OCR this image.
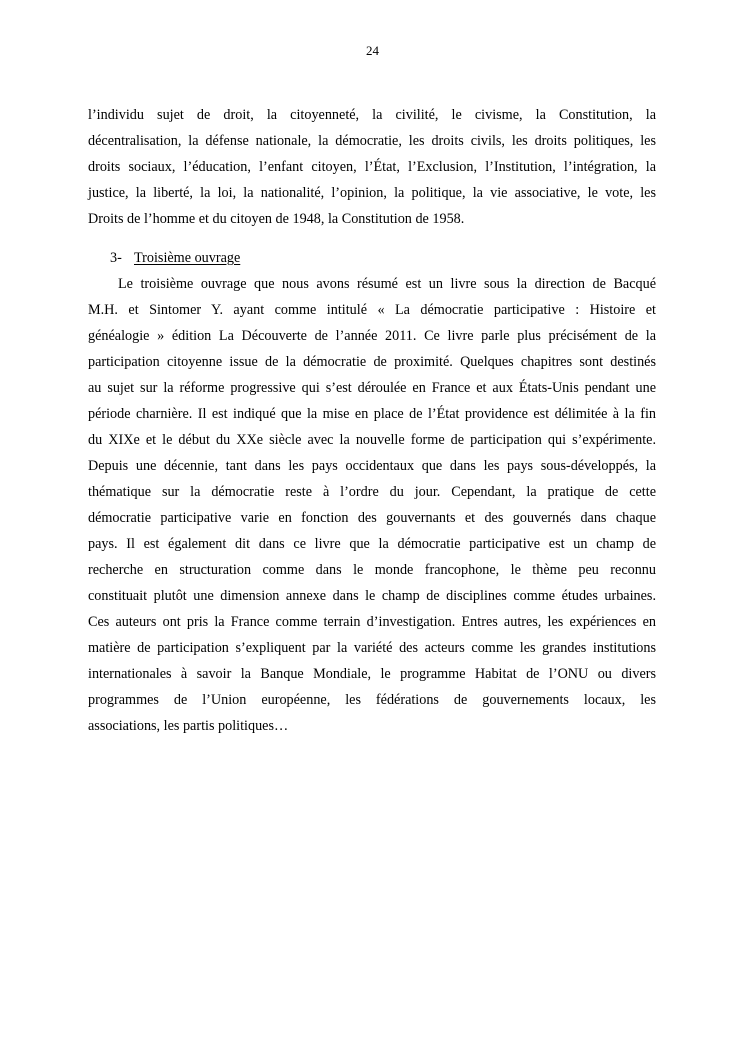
24
l’individu sujet de droit, la citoyenneté, la civilité, le civisme, la Constitution, la
décentralisation, la défense nationale, la démocratie, les droits civils, les droits politiques, les
droits sociaux, l’éducation, l’enfant citoyen, l’État, l’Exclusion, l’Institution, l’intégration, la
justice, la liberté, la loi, la nationalité, l’opinion, la politique, la vie associative, le vote, les
Droits de l’homme et du citoyen de 1948, la Constitution de 1958.
3- Troisième ouvrage
Le troisième ouvrage que nous avons résumé est un livre sous la direction de Bacqué
M.H. et Sintomer Y. ayant comme intitulé « La démocratie participative : Histoire et
généalogie » édition La Découverte de l’année 2011. Ce livre parle plus précisément de la
participation citoyenne issue de la démocratie de proximité. Quelques chapitres sont destinés
au sujet sur la réforme progressive qui s’est déroulée en France et aux États-Unis pendant une
période charnière. Il est indiqué que la mise en place de l’État providence est délimitée à la fin
du XIXe et le début du XXe siècle avec la nouvelle forme de participation qui s’expérimente.
Depuis une décennie, tant dans les pays occidentaux que dans les pays sous-développés, la
thématique sur la démocratie reste à l’ordre du jour. Cependant, la pratique de cette
démocratie participative varie en fonction des gouvernants et des gouvernés dans chaque
pays. Il est également dit dans ce livre que la démocratie participative est un champ de
recherche en structuration comme dans le monde francophone, le thème peu reconnu
constituait plutôt une dimension annexe dans le champ de disciplines comme études urbaines.
Ces auteurs ont pris la France comme terrain d’investigation. Entres autres, les expériences en
matière de participation s’expliquent par la variété des acteurs comme les grandes institutions
internationales à savoir la Banque Mondiale, le programme Habitat de l’ONU ou divers
programmes de l’Union européenne, les fédérations de gouvernements locaux, les
associations, les partis politiques…
